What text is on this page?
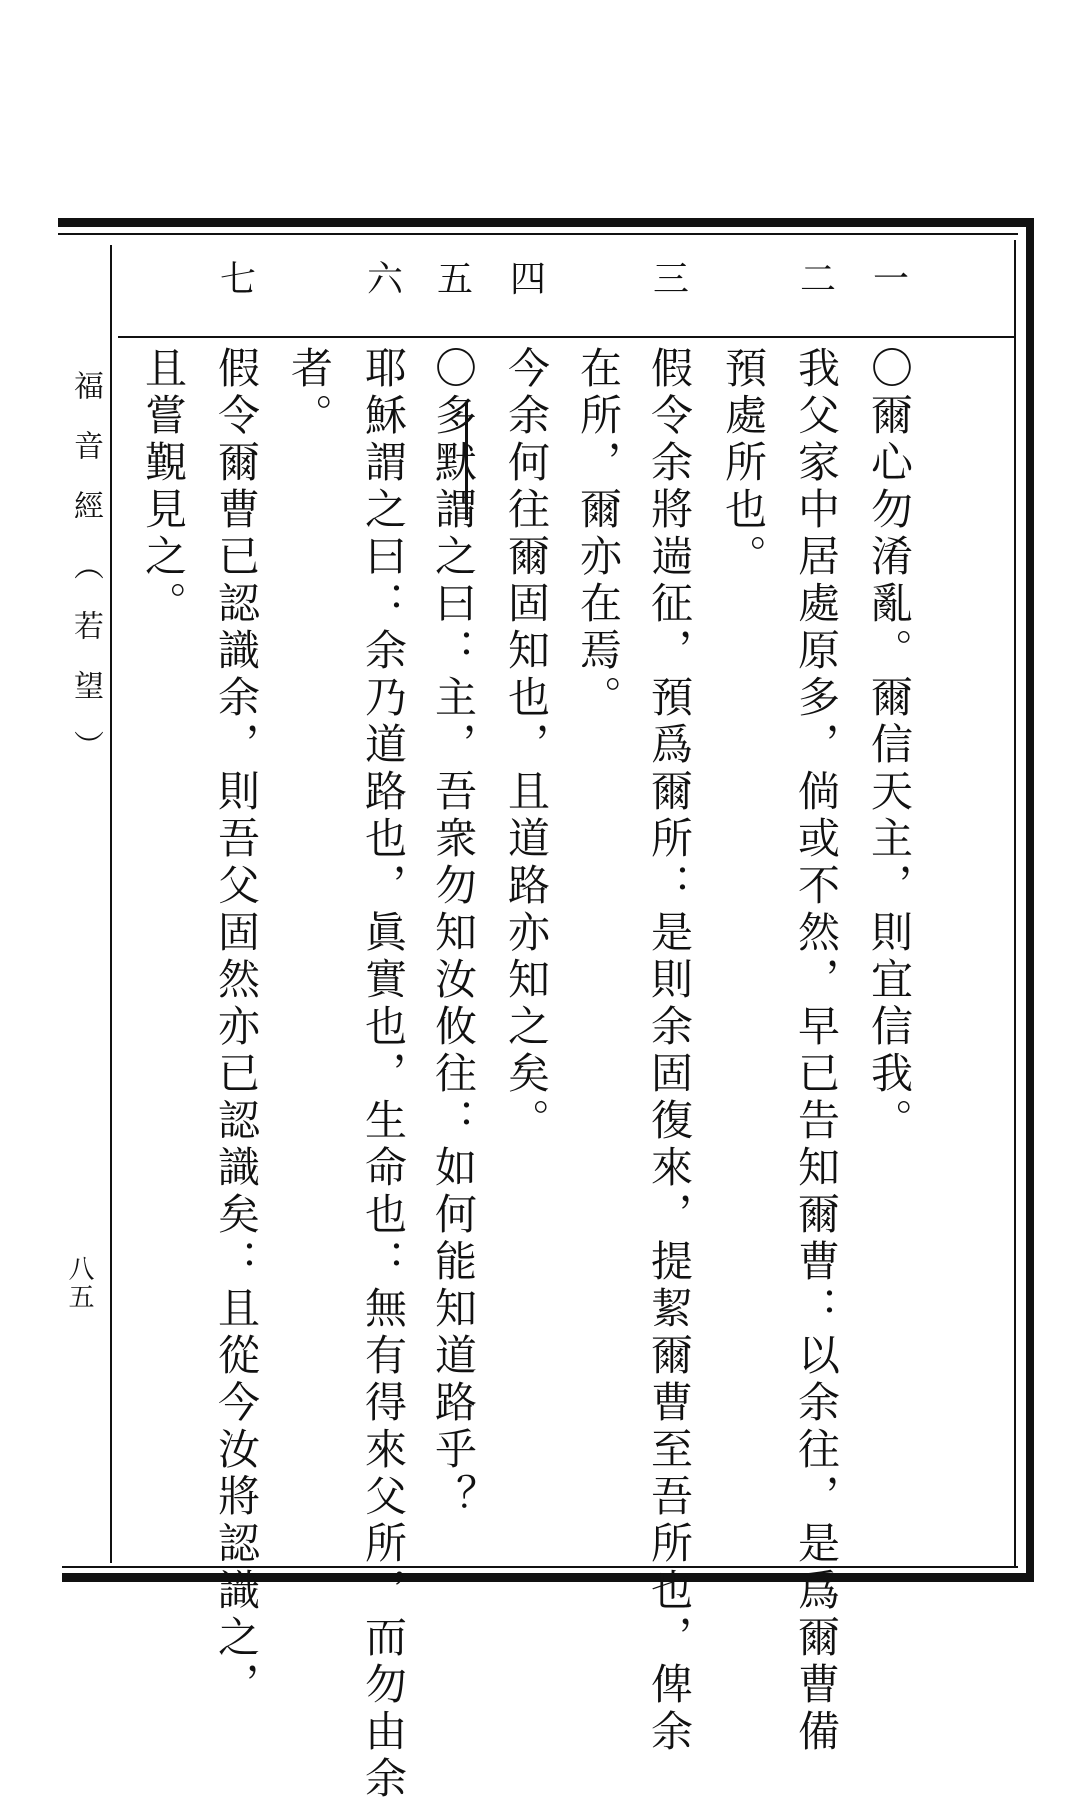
福音經（若望）
八五
一
二
三
四
五
六
七
〇爾心勿淆亂。爾信天主，則宜信我。
我父家中居處原多，倘或不然，早已告知爾曹：以余往，是爲爾曹備
預處所也。
假令余將遄征，預爲爾所：是則余固復來，提絜爾曹至吾所也，俾余
在所，爾亦在焉。
今余何往爾固知也，且道路亦知之矣。
〇多默謂之曰：主，吾衆勿知汝攸往：如何能知道路乎？
耶穌謂之曰：余乃道路也，眞實也，生命也：無有得來父所，而勿由余
者。
假令爾曹已認識余，則吾父固然亦已認識矣：且從今汝將認識之，
且嘗覲見之。
